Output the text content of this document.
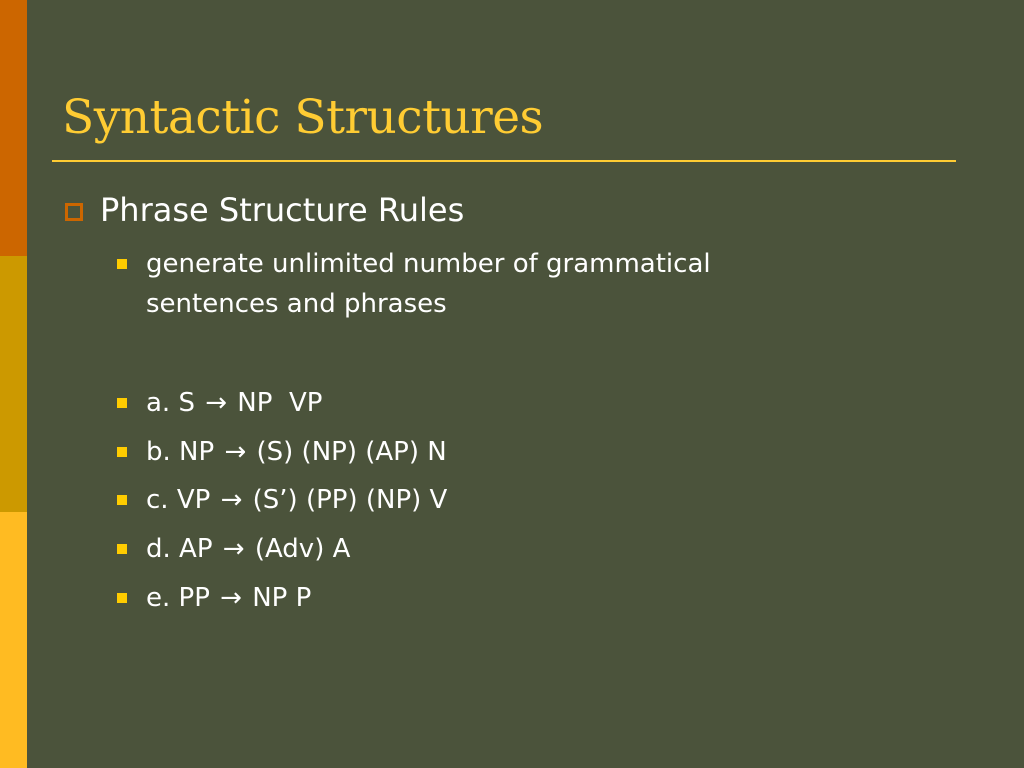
Syntactic Structures
Phrase Structure Rules
generate unlimited number of grammatical
sentences and phrases
a. S → NP  VP
b. NP → (S) (NP) (AP) N
c. VP → (S’) (PP) (NP) V
d. AP → (Adv) A
e. PP → NP P
